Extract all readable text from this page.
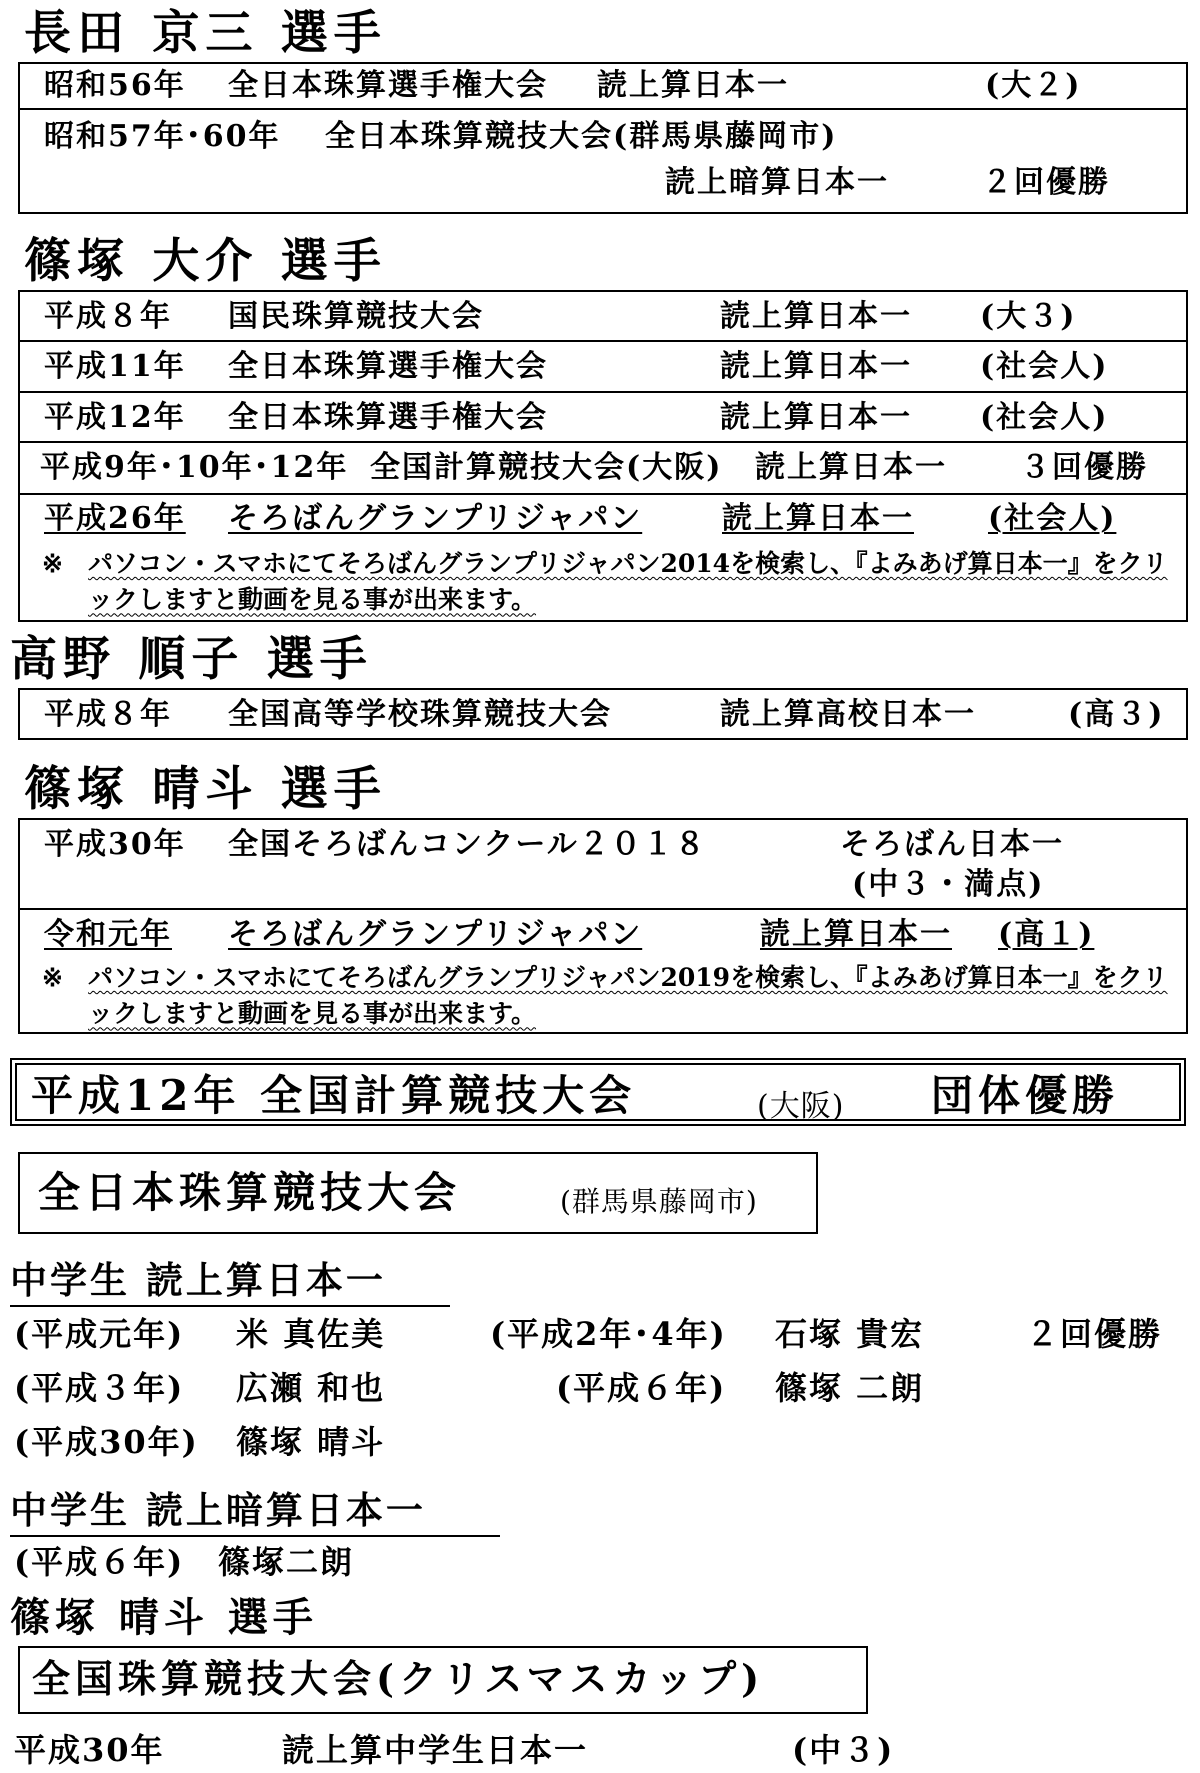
長田 京三 選手
昭和56年 全日本珠算選手権大会 読上算日本一	(大２)
昭和57年･60年 全日本珠算競技大会(群馬県藤岡市)
読上暗算日本一	２回優勝
篠塚 大介 選手
平成８年 国民珠算競技大会	読上算日本一 (大３)
平成11年 全日本珠算選手権大会	読上算日本一 (社会人)
平成12年 全日本珠算選手権大会	読上算日本一 (社会人)
平成9年･10年･12年 全国計算競技大会(大阪) 読上算日本一 ３回優勝
平成26年 そろばんグランプリジャパン	読上算日本一 (社会人)
※ パソコン・スマホにてそろばんグランプリジャパン2014を検索し、『よみあげ算日本一』をクリックしますと動画を見る事が出来ます。
高野 順子 選手
平成８年 全国高等学校珠算競技大会	読上算高校日本一	(高３)
篠塚 晴斗 選手
平成30年 全国そろばんコンクール２０１８	そろばん日本一
(中３・満点)
令和元年 そろばんグランプリジャパン	読上算日本一 (高１)
※ パソコン・スマホにてそろばんグランプリジャパン2019を検索し、『よみあげ算日本一』をクリックしますと動画を見る事が出来ます。
平成12年 全国計算競技大会	(大阪) 団体優勝
全日本珠算競技大会	(群馬県藤岡市)
中学生 読上算日本一
(平成元年) 米 真佐美	(平成2年･4年) 石塚 貴宏	２回優勝
(平成３年) 広瀬 和也	(平成６年) 篠塚 二朗
(平成30年) 篠塚 晴斗
中学生 読上暗算日本一
(平成６年) 篠塚二朗
篠塚 晴斗 選手
全国珠算競技大会(クリスマスカップ)
平成30年	読上算中学生日本一	(中３)
